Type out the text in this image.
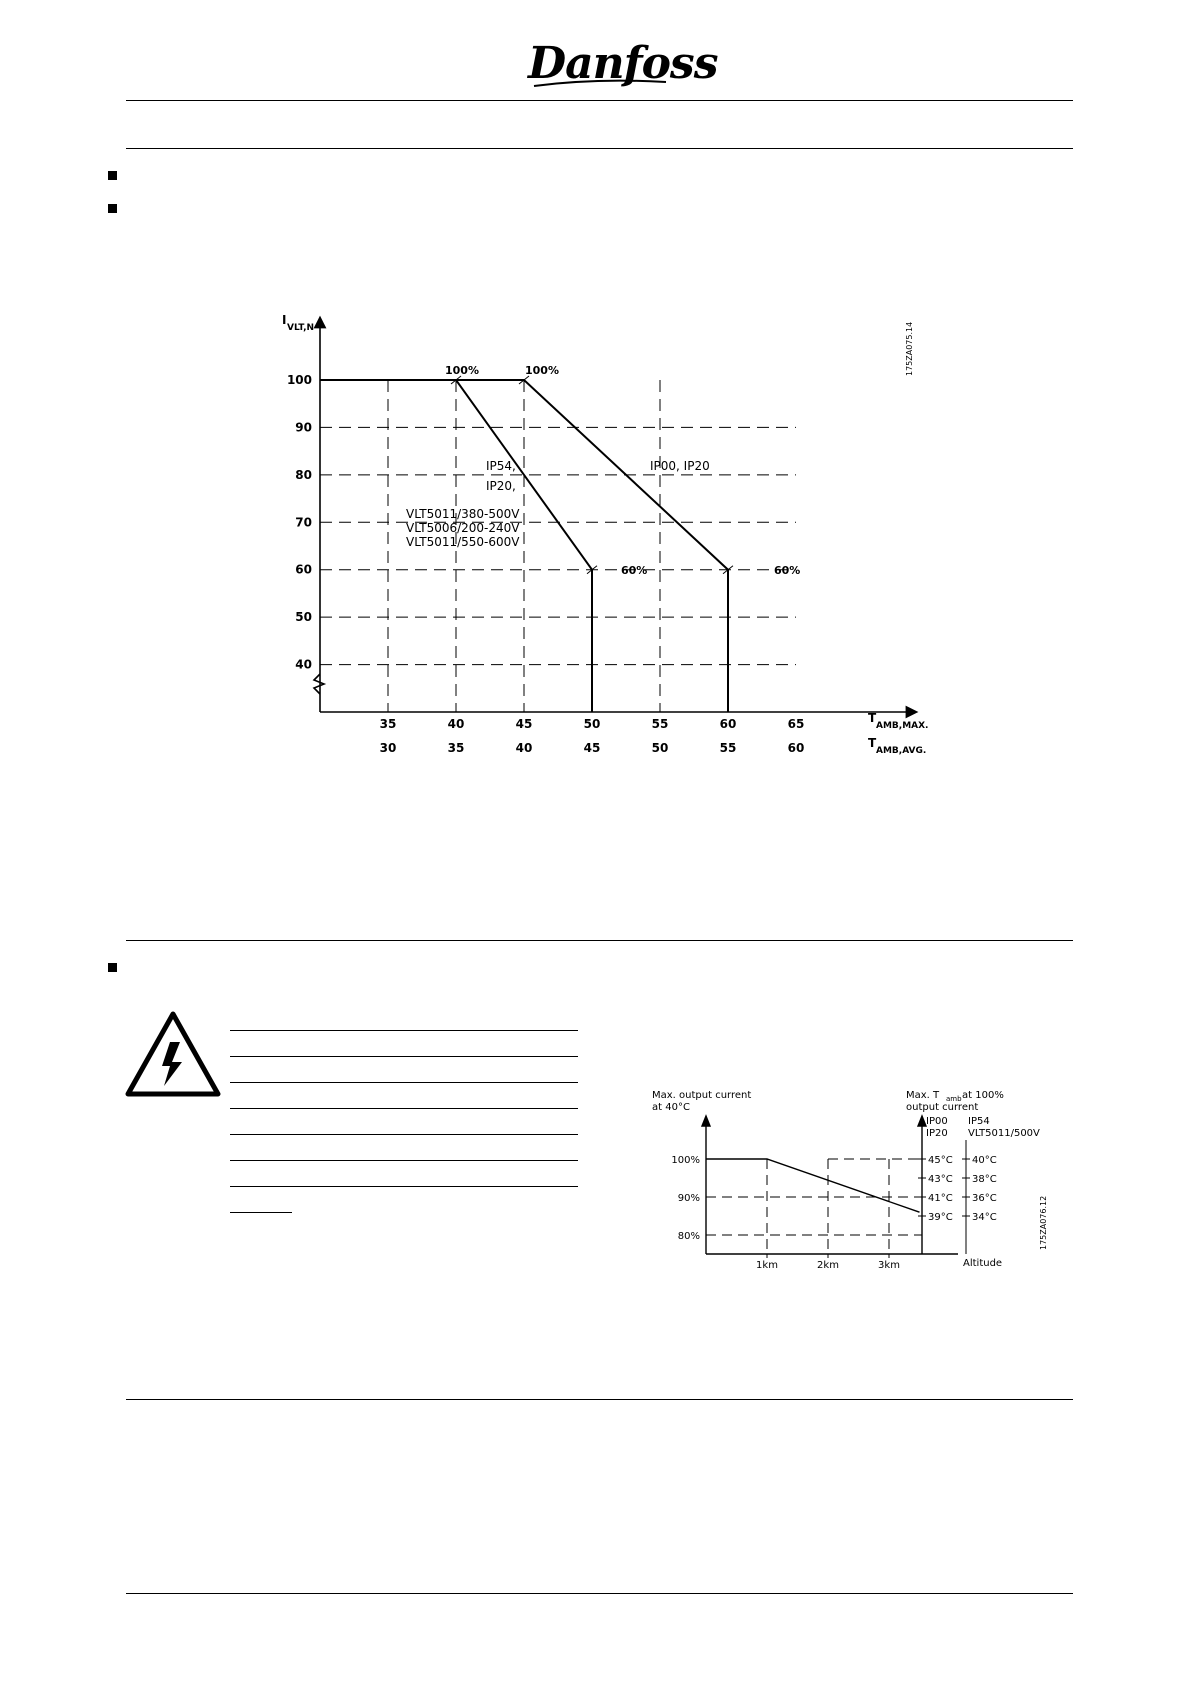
Danfoss
100
90
80
70
60
50
40
35	40	45	50	55	60	65
30	35	40	45	50	55	60
I
VLT,N
T
AMB,MAX.
T
AMB,AVG.
IP54,
IP20,
VLT5011/380-500V
VLT5006/200-240V
VLT5011/550-600V
IP00, IP20
100%	100%
60%	60%
175ZA075.14
100%
90%
80%
45°C 40°C
43°C 38°C
41°C 36°C
39°C 34°C
1km	2km	3km
Max. output current
at 40°C
Max. T amb at 100%
output current
IP00
IP20
IP54
VLT5011/500V
Altitude
175ZA076.12
